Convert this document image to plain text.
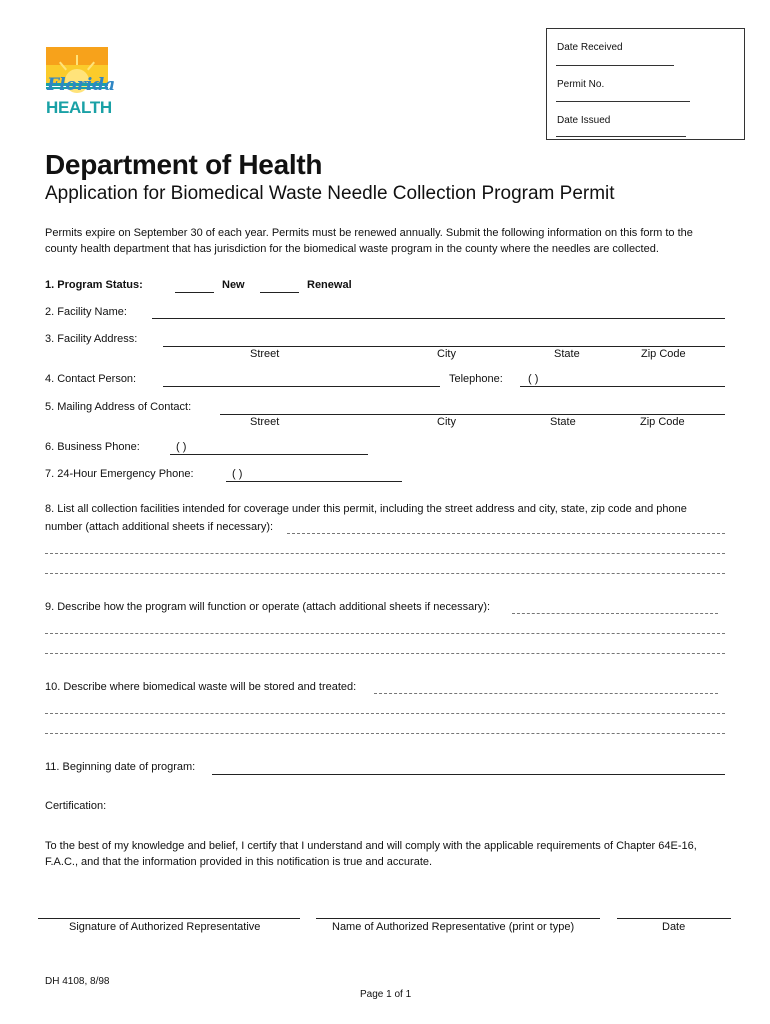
Florida
HEALTH
Date Received
Permit No.
Date Issued
Department of Health
Application for Biomedical Waste Needle Collection Program Permit
Permits expire on September 30 of each year. Permits must be renewed annually. Submit the following information on this form to the county health department that has jurisdiction for the biomedical waste program in the county where the needles are collected.
1. Program Status:	New	Renewal
2. Facility Name:
3. Facility Address:
Street	City	State	Zip Code
4. Contact Person:	Telephone: ( )
5. Mailing Address of Contact:
Street	City	State	Zip Code
6. Business Phone:	( )
7. 24-Hour Emergency Phone:	( )
8. List all collection facilities intended for coverage under this permit, including the street address and city, state, zip code and phone
number (attach additional sheets if necessary):
9. Describe how the program will function or operate (attach additional sheets if necessary):
10. Describe where biomedical waste will be stored and treated:
11. Beginning date of program:
Certification:
To the best of my knowledge and belief, I certify that I understand and will comply with the applicable requirements of Chapter 64E-16, F.A.C., and that the information provided in this notification is true and accurate.
Signature of Authorized Representative	Name of Authorized Representative (print or type)	Date
DH 4108, 8/98
Page 1 of 1
